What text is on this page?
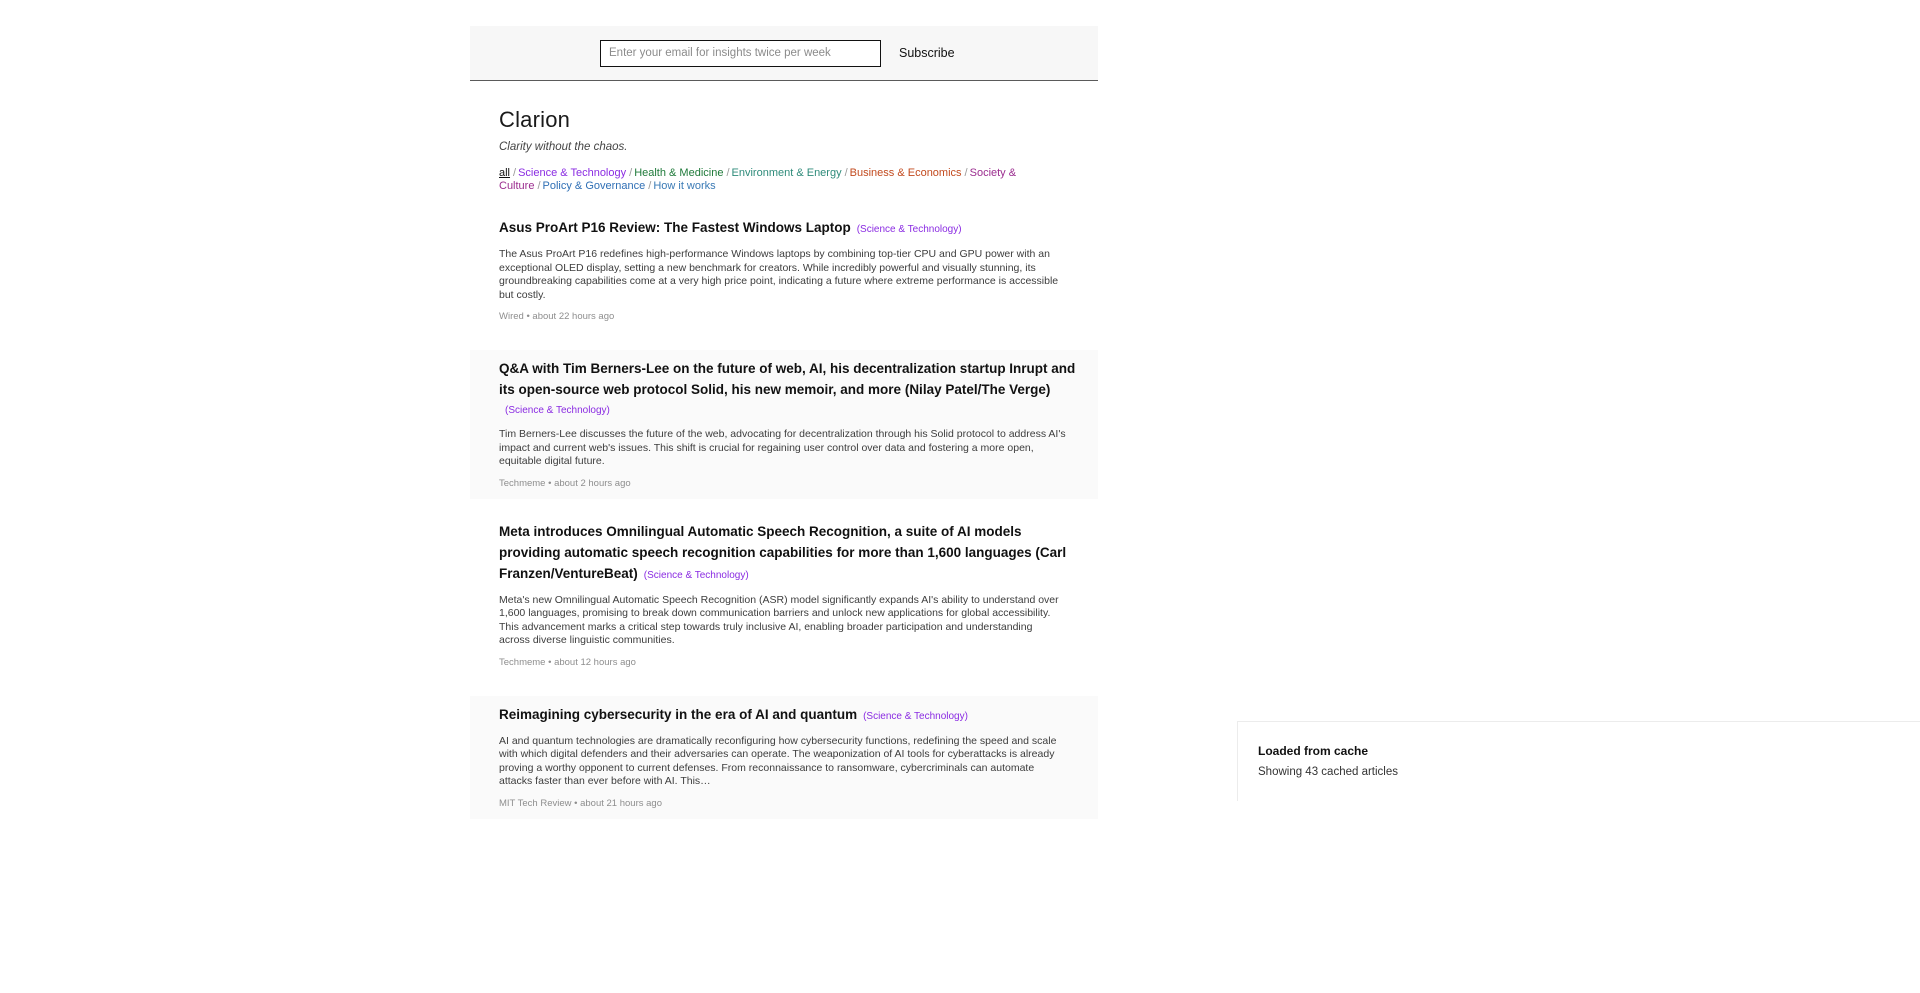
Enter your email for insights twice per week
Subscribe
Clarion
Clarity without the chaos.
all / Science & Technology / Health & Medicine / Environment & Energy / Business & Economics / Society & Culture / Policy & Governance / How it works
Asus ProArt P16 Review: The Fastest Windows Laptop (Science & Technology)

The Asus ProArt P16 redefines high-performance Windows laptops by combining top-tier CPU and GPU power with an exceptional OLED display, setting a new benchmark for creators. While incredibly powerful and visually stunning, its groundbreaking capabilities come at a very high price point, indicating a future where extreme performance is accessible but costly.

Wired • about 22 hours ago
Q&A with Tim Berners-Lee on the future of web, AI, his decentralization startup Inrupt and its open-source web protocol Solid, his new memoir, and more (Nilay Patel/The Verge)(Science & Technology)

Tim Berners-Lee discusses the future of the web, advocating for decentralization through his Solid protocol to address AI's impact and current web's issues. This shift is crucial for regaining user control over data and fostering a more open, equitable digital future.

Techmeme • about 2 hours ago
Meta introduces Omnilingual Automatic Speech Recognition, a suite of AI models providing automatic speech recognition capabilities for more than 1,600 languages (Carl Franzen/VentureBeat) (Science & Technology)

Meta's new Omnilingual Automatic Speech Recognition (ASR) model significantly expands AI's ability to understand over 1,600 languages, promising to break down communication barriers and unlock new applications for global accessibility. This advancement marks a critical step towards truly inclusive AI, enabling broader participation and understanding across diverse linguistic communities.

Techmeme • about 12 hours ago
Reimagining cybersecurity in the era of AI and quantum (Science & Technology)

AI and quantum technologies are dramatically reconfiguring how cybersecurity functions, redefining the speed and scale with which digital defenders and their adversaries can operate. The weaponization of AI tools for cyberattacks is already proving a worthy opponent to current defenses. From reconnaissance to ransomware, cybercriminals can automate attacks faster than ever before with AI. This…

MIT Tech Review • about 21 hours ago
Loaded from cache
Showing 43 cached articles
